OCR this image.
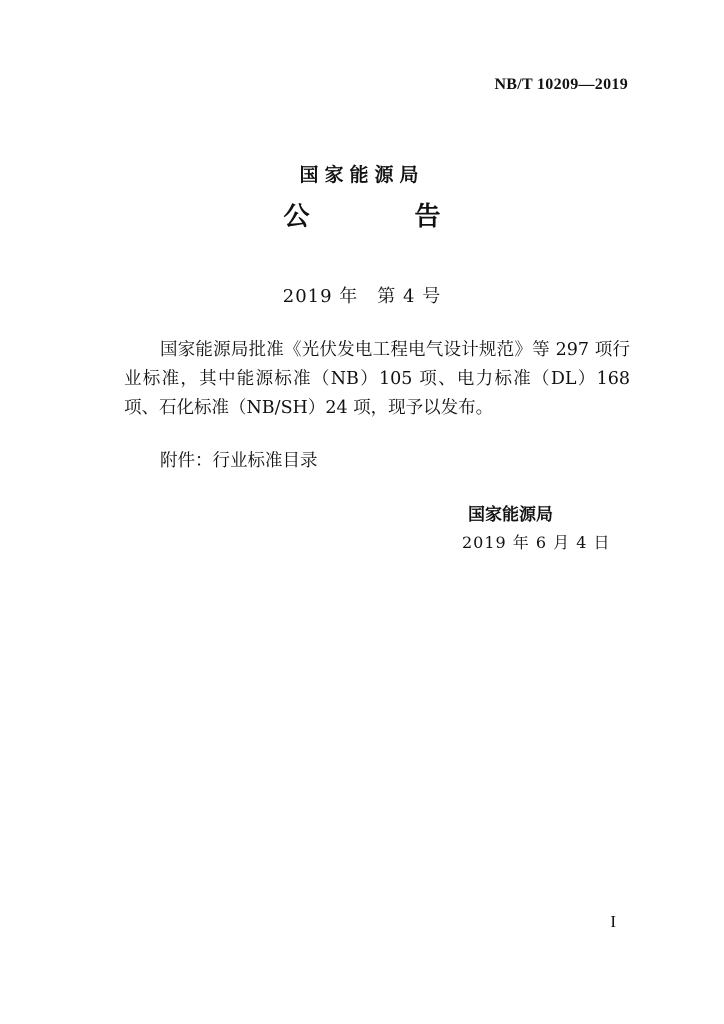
NB/T 10209—2019
国家能源局
公 告
2019 年　第 4 号

国家能源局批准《光伏发电工程电气设计规范》等 297 项行业标准，其中能源标准（NB）105 项、电力标准（DL）168 项、石化标准（NB/SH）24 项，现予以发布。

附件：行业标准目录

国家能源局
2019 年 6 月 4 日
I
